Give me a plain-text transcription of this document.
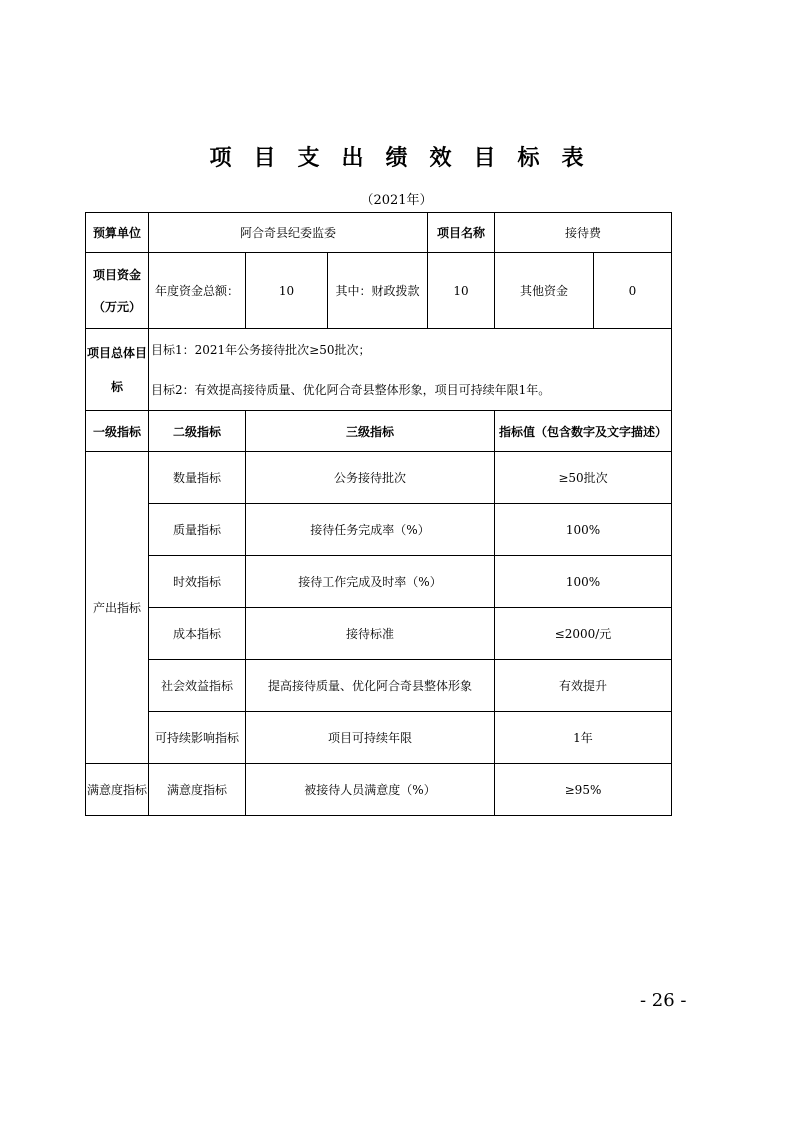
项目支出绩效目标表
（2021年）
预算单位	阿合奇县纪委监委			项目名称	接待费	

项目资金
（万元）	年度资金总额：	10	其中：财政拨款	10	其他资金	0
项目总体目标	目标1：2021年公务接待批次≥50批次；

目标2：有效提高接待质量、优化阿合奇县整体形象，项目可持续年限1年。					

一级指标	二级指标	三级指标			指标值（包含数字及文字描述）	
产出指标	数量指标	公务接待批次			≥50批次	
	质量指标	接待任务完成率（%）			100%	
	时效指标	接待工作完成及时率（%）			100%	
	成本指标	接待标准			≤2000/元	
	社会效益指标	提高接待质量、优化阿合奇县整体形象			有效提升	
	可持续影响指标	项目可持续年限			1年	
满意度指标	满意度指标	被接待人员满意度（%）			≥95%	
- 26 -
